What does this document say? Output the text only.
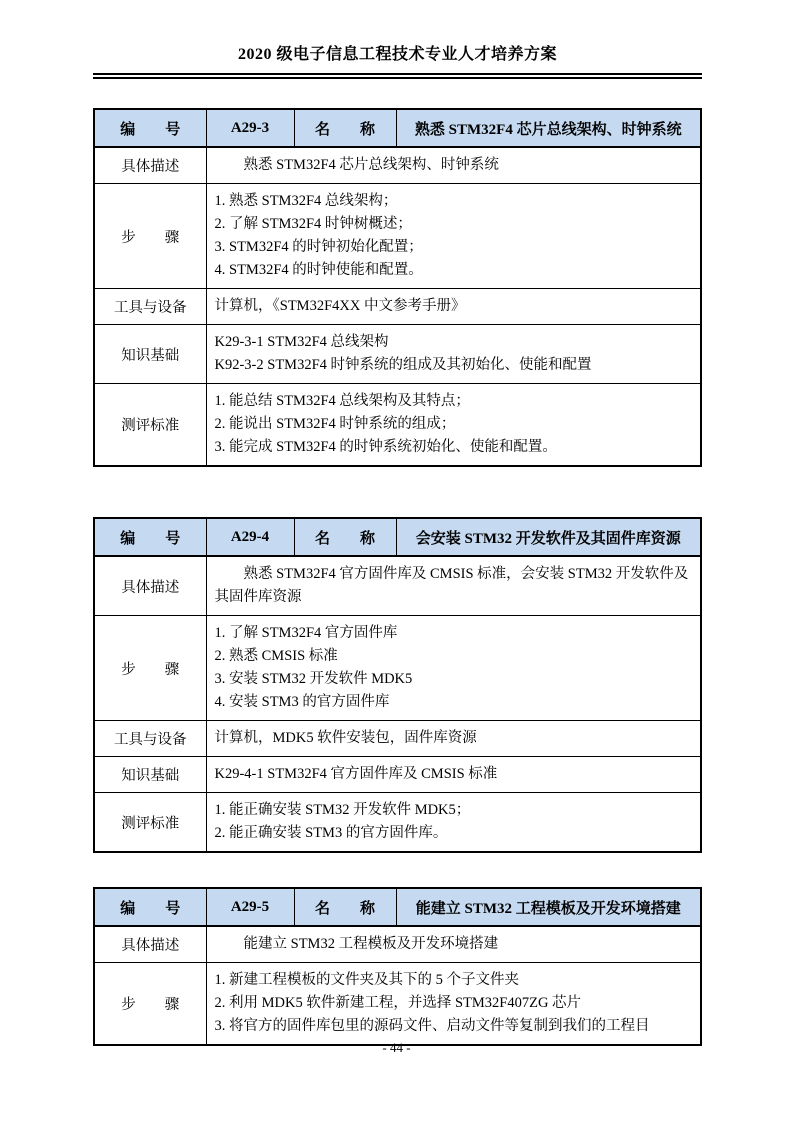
2020 级电子信息工程技术专业人才培养方案
编　　号	A29-3	名　　称	熟悉 STM32F4 芯片总线架构、时钟系统
具体描述	熟悉 STM32F4 芯片总线架构、时钟系统		

步　　骤	1. 熟悉 STM32F4 总线架构；
2. 了解 STM32F4 时钟树概述；
3. STM32F4 的时钟初始化配置；
4. STM32F4 的时钟使能和配置。		

工具与设备	计算机，《STM32F4XX 中文参考手册》		

知识基础	K29-3-1 STM32F4 总线架构
K92-3-2 STM32F4 时钟系统的组成及其初始化、使能和配置		

测评标准	1. 能总结 STM32F4 总线架构及其特点；
2. 能说出 STM32F4 时钟系统的组成；
3. 能完成 STM32F4 的时钟系统初始化、使能和配置。		
编　　号	A29-4	名　　称	会安装 STM32 开发软件及其固件库资源
具体描述	熟悉 STM32F4 官方固件库及 CMSIS 标准，会安装 STM32 开发软件及其固件库资源		

步　　骤	1. 了解 STM32F4 官方固件库
2. 熟悉 CMSIS 标准
3. 安装 STM32 开发软件 MDK5
4. 安装 STM3 的官方固件库		

工具与设备	计算机，MDK5 软件安装包，固件库资源		

知识基础	K29-4-1 STM32F4 官方固件库及 CMSIS 标准		

测评标准	1. 能正确安装 STM32 开发软件 MDK5；
2. 能正确安装 STM3 的官方固件库。		
编　　号	A29-5	名　　称	能建立 STM32 工程模板及开发环境搭建
具体描述	能建立 STM32 工程模板及开发环境搭建		

步　　骤	1. 新建工程模板的文件夹及其下的 5 个子文件夹
2. 利用 MDK5 软件新建工程，并选择 STM32F407ZG 芯片
3. 将官方的固件库包里的源码文件、启动文件等复制到我们的工程目		
- 44 -
